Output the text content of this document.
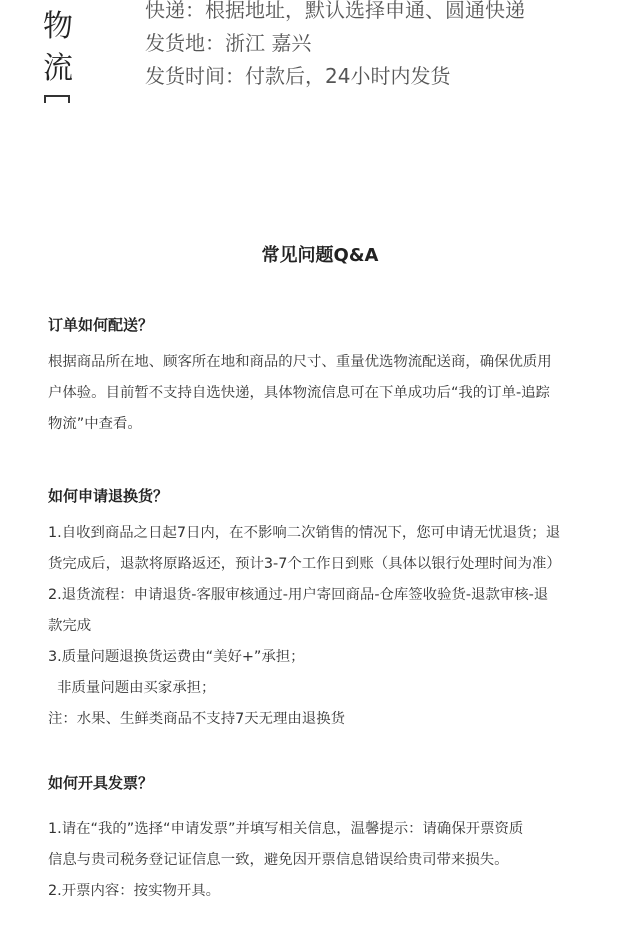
物
流
快递：根据地址，默认选择申通、圆通快递
发货地：浙江 嘉兴
发货时间：付款后，24小时内发货
常见问题Q&A
订单如何配送？
根据商品所在地、顾客所在地和商品的尺寸、重量优选物流配送商，确保优质用
户体验。目前暂不支持自选快递，具体物流信息可在下单成功后“我的订单-追踪
物流”中查看。
如何申请退换货？
1.自收到商品之日起7日内，在不影响二次销售的情况下，您可申请无忧退货；退
货完成后，退款将原路返还，预计3-7个工作日到账（具体以银行处理时间为准）
2.退货流程：申请退货-客服审核通过-用户寄回商品-仓库签收验货-退款审核-退
款完成
3.质量问题退换货运费由“美好+”承担；
非质量问题由买家承担；
注：水果、生鲜类商品不支持7天无理由退换货
如何开具发票？
1.请在“我的”选择“申请发票”并填写相关信息，温馨提示：请确保开票资质
信息与贵司税务登记证信息一致，避免因开票信息错误给贵司带来损失。
2.开票内容：按实物开具。
